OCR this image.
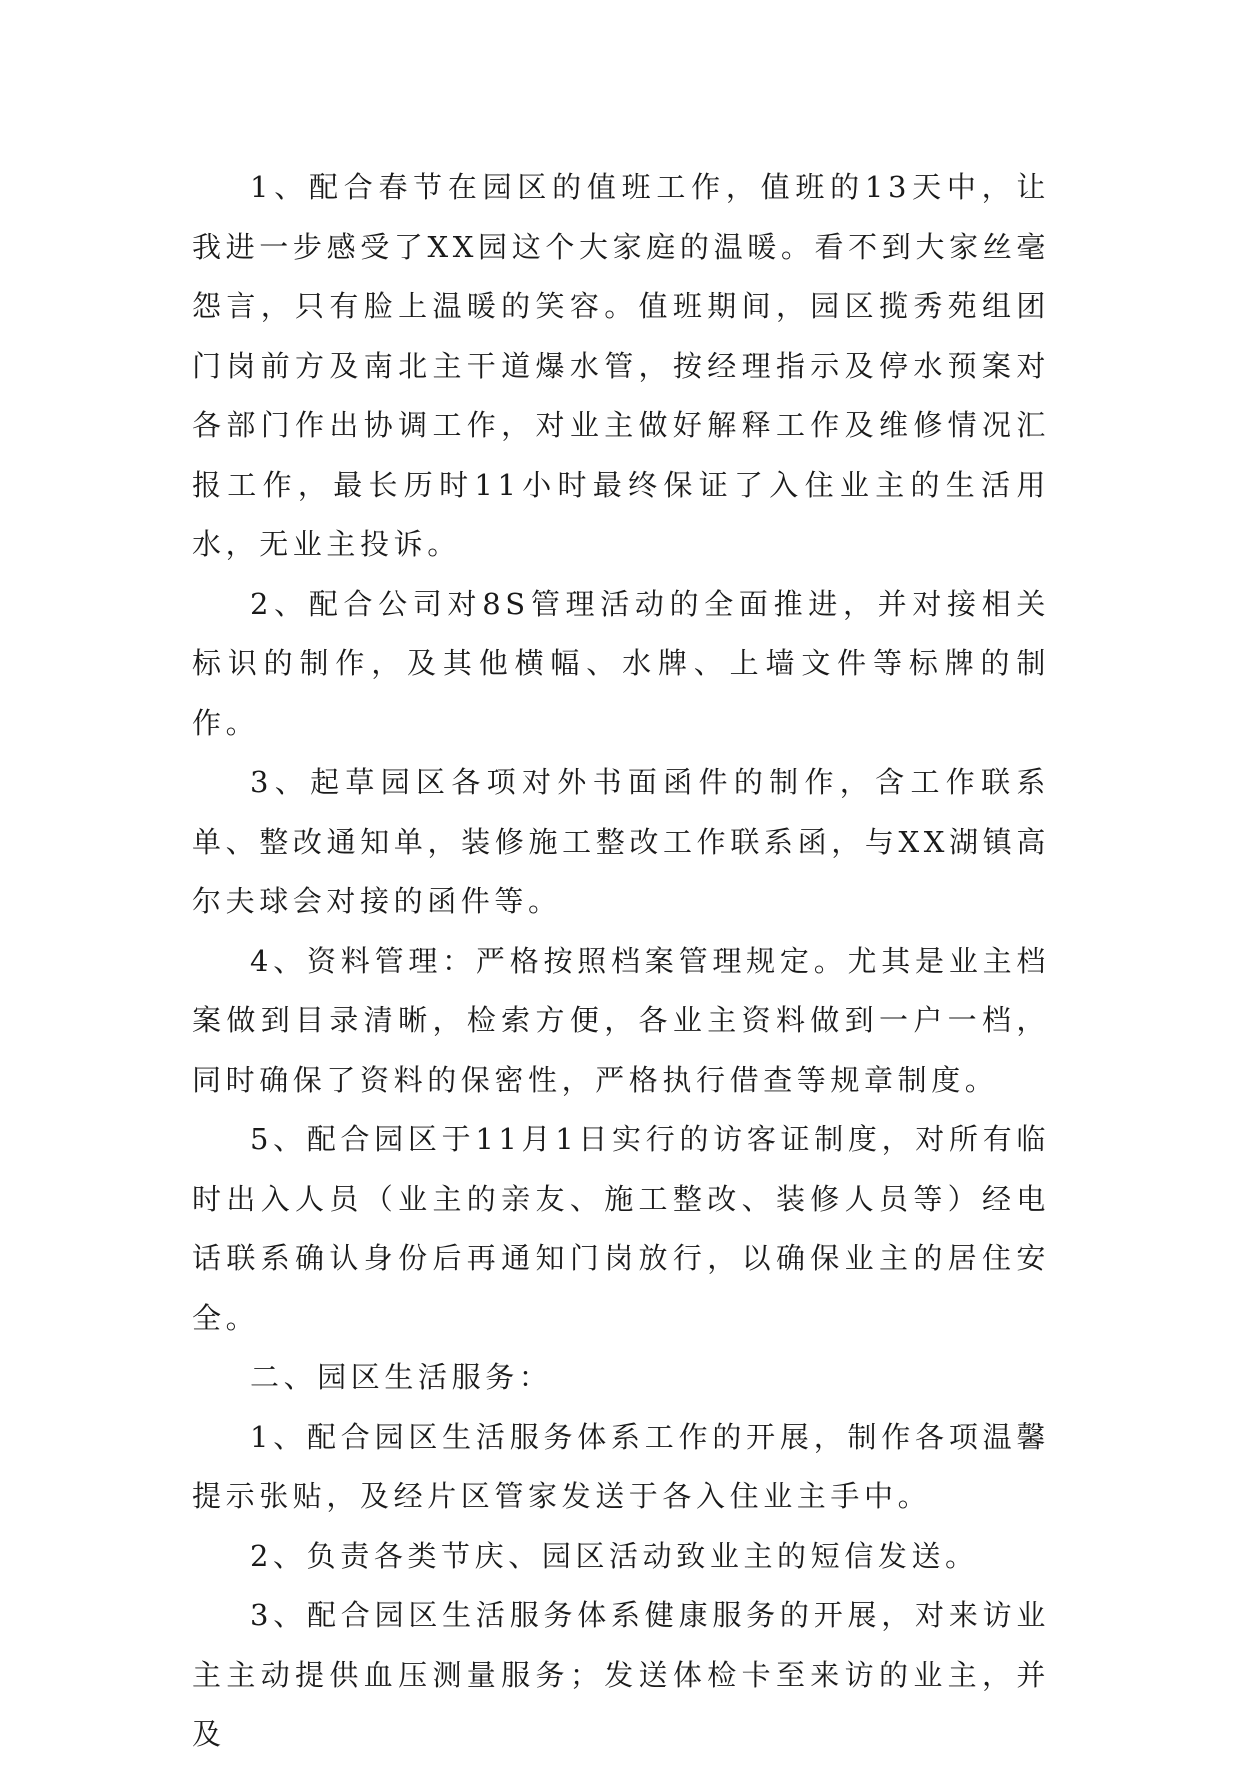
1、配合春节在园区的值班工作，值班的13天中，让我进一步感受了XX园这个大家庭的温暖。看不到大家丝毫怨言，只有脸上温暖的笑容。值班期间，园区揽秀苑组团门岗前方及南北主干道爆水管，按经理指示及停水预案对各部门作出协调工作，对业主做好解释工作及维修情况汇报工作，最长历时11小时最终保证了入住业主的生活用水，无业主投诉。

2、配合公司对8S管理活动的全面推进，并对接相关标识的制作，及其他横幅、水牌、上墙文件等标牌的制作。

3、起草园区各项对外书面函件的制作，含工作联系单、整改通知单，装修施工整改工作联系函，与XX湖镇高尔夫球会对接的函件等。

4、资料管理：严格按照档案管理规定。尤其是业主档案做到目录清晰，检索方便，各业主资料做到一户一档，同时确保了资料的保密性，严格执行借查等规章制度。

5、配合园区于11月1日实行的访客证制度，对所有临时出入人员（业主的亲友、施工整改、装修人员等）经电话联系确认身份后再通知门岗放行，以确保业主的居住安全。

二、园区生活服务：

1、配合园区生活服务体系工作的开展，制作各项温馨提示张贴，及经片区管家发送于各入住业主手中。

2、负责各类节庆、园区活动致业主的短信发送。

3、配合园区生活服务体系健康服务的开展，对来访业主主动提供血压测量服务；发送体检卡至来访的业主，并及
